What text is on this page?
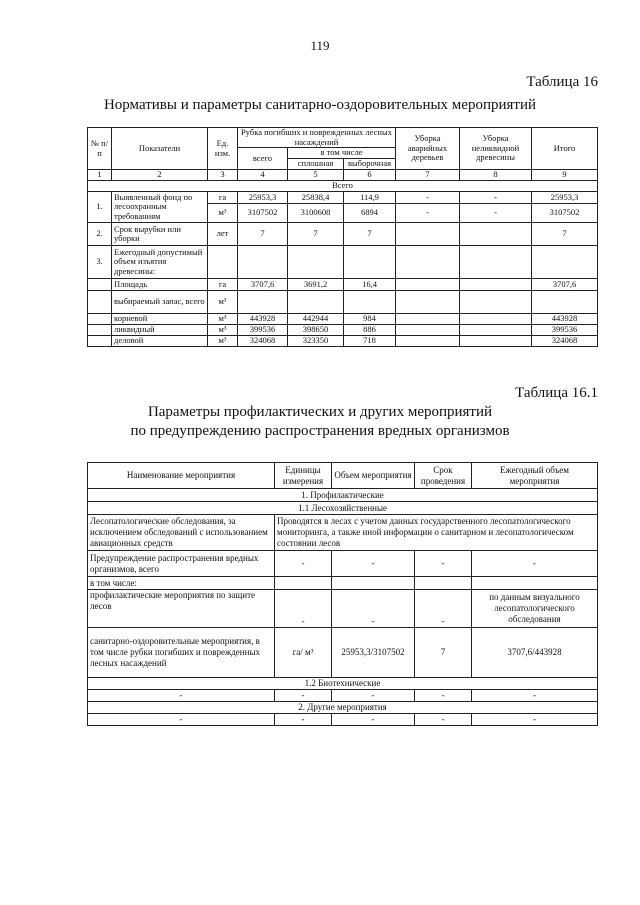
119
Таблица 16
Нормативы и параметры санитарно-оздоровительных мероприятий
№ п/п	Показатели	Ед. изм.	Рубка погибших и поврежденных лесных насаждений			Уборка аварийных деревьев	Уборка неликвидной древесины	Итого
			всего	в том числе				
				сплошная	выборочная			
1	2	3	4	5	6	7	8	9
Всего								
1.	Выявленный фонд по лесоохранным требованиям	га	25953,3	25838,4	114,9	-	-	25953,3
		м³	3107502	3100608	6894	-	-	3107502
2.	Срок вырубки или уборки	лет	7	7	7			7
3.	Ежегодный допустимый объем изъятия древесины:							
	Площадь	га	3707,6	3691,2	16,4			3707,6
	выбираемый запас, всего	м³						
	корневой	м³	443928	442944	984			443928
	ликвидный	м³	399536	398650	886			399536
	деловой	м³	324068	323350	718			324068
Таблица 16.1
Параметры профилактических и других мероприятий
по предупреждению распространения вредных организмов
Наименование мероприятия	Единицы измерения	Объем мероприятия	Срок проведения	Ежегодный объем мероприятия
1. Профилактические				
1.1 Лесохозяйственные				
Лесопатологические обследования, за исключением обследований с использованием авиационных средств	Проводятся в лесах с учетом данных государственного лесопатологического мониторинга, а также иной информации о санитарном и лесопатологическом состоянии лесов			
Предупреждение распространения вредных организмов, всего	-	-	-	-
в том числе:				
профилактические мероприятия по защите лесов	-	-	-	по данным визуального лесопатологического обследования
санитарно-оздоровительные мероприятия, в том числе рубки погибших и поврежденных лесных насаждений	га/ м³	25953,3/3107502	7	3707,6/443928
1.2 Биотехнические				
-	-	-	-	-
2. Другие мероприятия				
-	-	-	-	-
